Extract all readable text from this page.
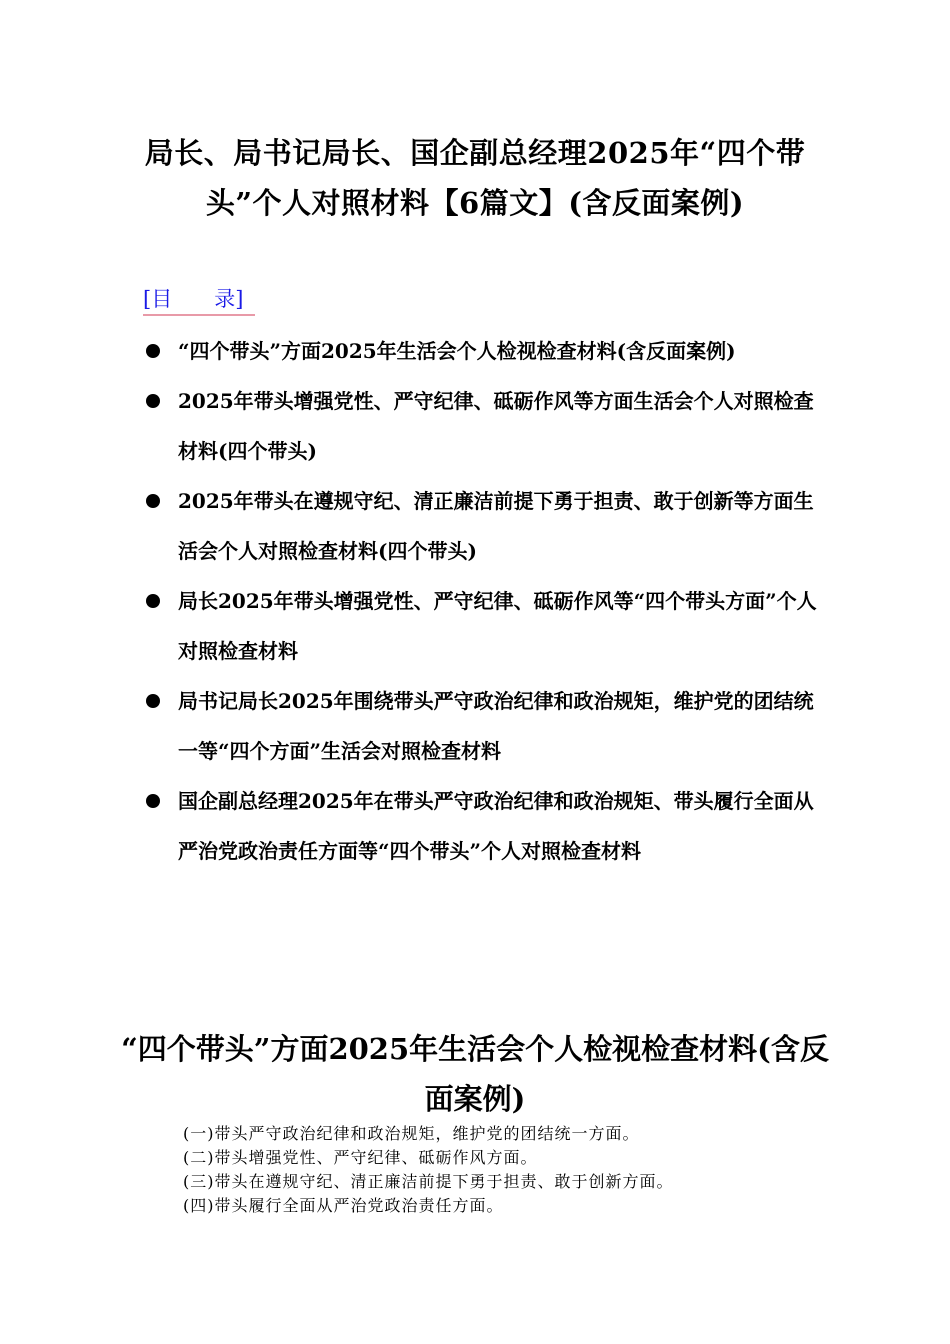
局长、局书记局长、国企副总经理2025年“四个带头”个人对照材料【6篇文】(含反面案例)
[目　　录]
“四个带头”方面2025年生活会个人检视检查材料(含反面案例)
2025年带头增强党性、严守纪律、砥砺作风等方面生活会个人对照检查材料(四个带头)
2025年带头在遵规守纪、清正廉洁前提下勇于担责、敢于创新等方面生活会个人对照检查材料(四个带头)
局长2025年带头增强党性、严守纪律、砥砺作风等“四个带头方面”个人对照检查材料
局书记局长2025年围绕带头严守政治纪律和政治规矩，维护党的团结统一等“四个方面”生活会对照检查材料
国企副总经理2025年在带头严守政治纪律和政治规矩、带头履行全面从严治党政治责任方面等“四个带头”个人对照检查材料
“四个带头”方面2025年生活会个人检视检查材料(含反面案例)
(一)带头严守政治纪律和政治规矩，维护党的团结统一方面。
(二)带头增强党性、严守纪律、砥砺作风方面。
(三)带头在遵规守纪、清正廉洁前提下勇于担责、敢于创新方面。
(四)带头履行全面从严治党政治责任方面。
